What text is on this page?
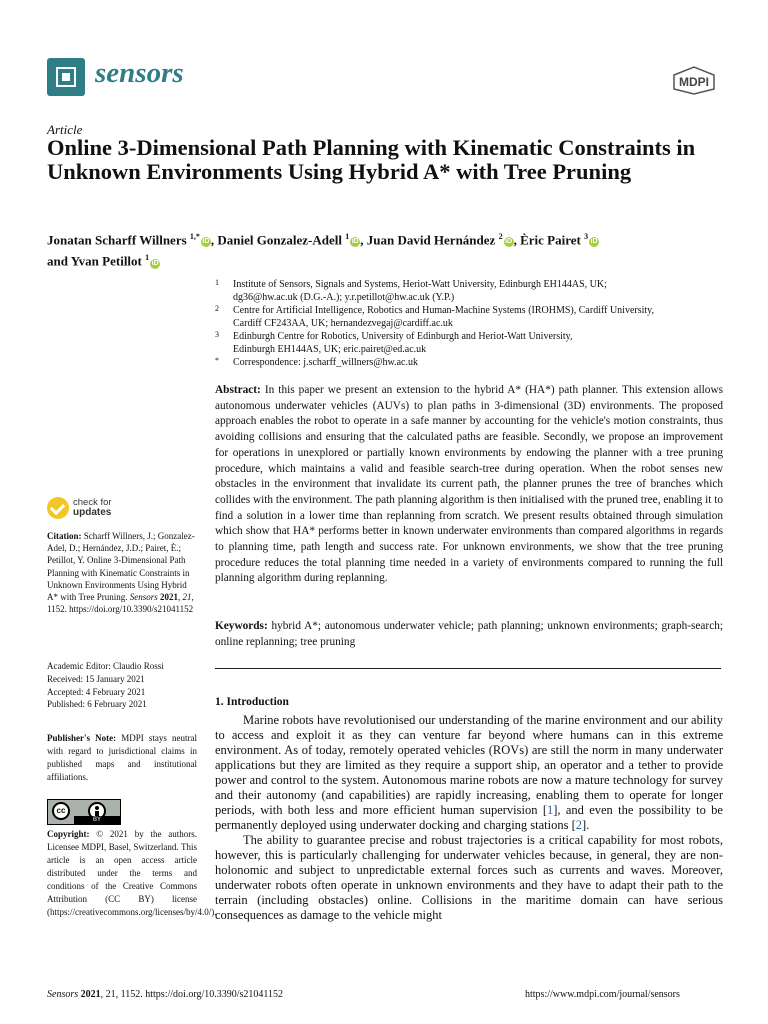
sensors	MDPI
Article
Online 3-Dimensional Path Planning with Kinematic Constraints in Unknown Environments Using Hybrid A* with Tree Pruning
Jonatan Scharff Willners $^{1,*}$iD , Daniel Gonzalez-Adell $^1$iD , Juan David Hernández $^2$iD , Èric Pairet $^3$iD
and Yvan Petillot $^1$iD
1 Institute of Sensors, Signals and Systems, Heriot-Watt University, Edinburgh EH144AS, UK;
dg36@hw.ac.uk (D.G.-A.); y.r.petillot@hw.ac.uk (Y.P.)
2 Centre for Artificial Intelligence, Robotics and Human-Machine Systems (IROHMS), Cardiff University,
Cardiff CF243AA, UK; hernandezvegaj@cardiff.ac.uk
3 Edinburgh Centre for Robotics, University of Edinburgh and Heriot-Watt University,
Edinburgh EH144AS, UK; eric.pairet@ed.ac.uk
* Correspondence: j.scharff_willners@hw.ac.uk
Abstract: In this paper we present an extension to the hybrid A* (HA*) path planner. This extension allows autonomous underwater vehicles (AUVs) to plan paths in 3-dimensional (3D) environments. The proposed approach enables the robot to operate in a safe manner by accounting for the vehicle's motion constraints, thus avoiding collisions and ensuring that the calculated paths are feasible. Secondly, we propose an improvement for operations in unexplored or partially known environments by endowing the planner with a tree pruning procedure, which maintains a valid and feasible search-tree during operation. When the robot senses new obstacles in the environment that invalidate its current path, the planner prunes the tree of branches which collides with the environment. The path planning algorithm is then initialised with the pruned tree, enabling it to find a solution in a lower time than replanning from scratch. We present results obtained through simulation which show that HA* performs better in known underwater environments than compared algorithms in regards to planning time, path length and success rate. For unknown environments, we show that the tree pruning procedure reduces the total planning time needed in a variety of environments compared to running the full planning algorithm during replanning.
Keywords: hybrid A*; autonomous underwater vehicle; path planning; unknown environments; graph-search; online replanning; tree pruning
check for
updates
Citation: Scharff Willners, J.; Gonzalez-Adel, D.; Hernández, J.D.; Pairet, È.; Petillot, Y. Online 3-Dimensional Path Planning with Kinematic Constraints in Unknown Environments Using Hybrid A* with Tree Pruning. Sensors 2021, 21, 1152. https://doi.org/10.3390/s21041152
Academic Editor: Claudio Rossi
Received: 15 January 2021
Accepted: 4 February 2021
Published: 6 February 2021
Publisher's Note: MDPI stays neutral with regard to jurisdictional claims in published maps and institutional affiliations.
cc
BY
Copyright: © 2021 by the authors. Licensee MDPI, Basel, Switzerland. This article is an open access article distributed under the terms and conditions of the Creative Commons Attribution (CC BY) license (https://creativecommons.org/licenses/by/4.0/).
1. Introduction

Marine robots have revolutionised our understanding of the marine environment and our ability to access and exploit it as they can venture far beyond where humans can in this extreme environment. As of today, remotely operated vehicles (ROVs) are still the norm in many underwater applications but they are limited as they require a support ship, an operator and a tether to provide power and control to the system. Autonomous marine robots are now a mature technology for survey and their autonomy (and capabilities) are rapidly increasing, enabling them to operate for longer periods, with both less and more efficient human supervision [1], and even the possibility to be permanently deployed using underwater docking and charging stations [2].

The ability to guarantee precise and robust trajectories is a critical capability for most robots, however, this is particularly challenging for underwater vehicles because, in general, they are non-holonomic and subject to unpredictable external forces such as currents and waves. Moreover, underwater robots often operate in unknown environments and they have to adapt their path to the terrain (including obstacles) online. Collisions in the maritime domain can have serious consequences as damage to the vehicle might

Sensors 2021, 21, 1152. https://doi.org/10.3390/s21041152	https://www.mdpi.com/journal/sensors
